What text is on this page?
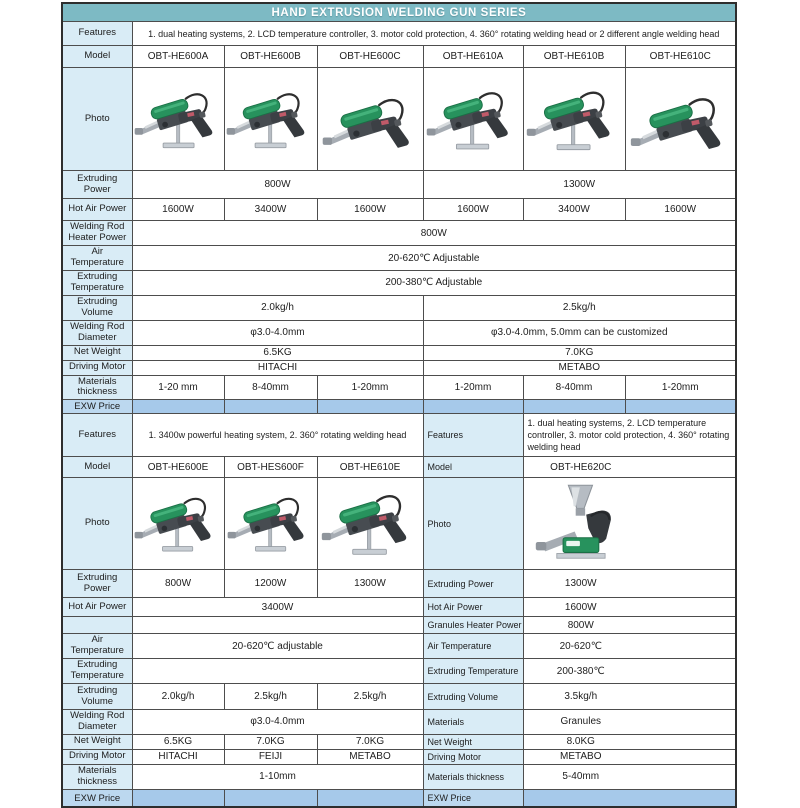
HAND EXTRUSION WELDING GUN SERIES						
Features	1. dual heating systems, 2. LCD temperature controller, 3. motor cold protection, 4. 360° rotating welding head or 2 different angle welding head					
Model	OBT-HE600A	OBT-HE600B	OBT-HE600C	OBT-HE610A	OBT-HE610B	OBT-HE610C
Photo						
Extruding Power	800W			1300W		
Hot Air Power	1600W	3400W	1600W	1600W	3400W	1600W
Welding Rod Heater Power	800W					
Air Temperature	20-620℃ Adjustable					
Extruding Temperature	200-380℃ Adjustable					
Extruding Volume	2.0kg/h			2.5kg/h		
Welding Rod Diameter	φ3.0-4.0mm			φ3.0-4.0mm, 5.0mm can be customized		
Net Weight	6.5KG			7.0KG		
Driving Motor	HITACHI			METABO		
Materials thickness	1-20 mm	8-40mm	1-20mm	1-20mm	8-40mm	1-20mm
EXW Price						
Features	1. 3400w powerful heating system, 2. 360° rotating welding head			Features	1. dual heating systems, 2. LCD temperature controller, 3. motor cold protection, 4. 360° rotating welding head	
Model	OBT-HE600E	OBT-HES600F	OBT-HE610E	Model	OBT-HE620C	
Photo				Photo	
Extruding Power	800W	1200W	1300W	Extruding Power	1300W	
Hot Air Power	3400W			Hot Air Power	1600W	
				Granules Heater Power	800W	
Air Temperature	20-620℃ adjustable			Air Temperature	20-620℃	
Extruding Temperature				Extruding Temperature	200-380℃	
Extruding Volume	2.0kg/h	2.5kg/h	2.5kg/h	Extruding Volume	3.5kg/h	
Welding Rod Diameter	φ3.0-4.0mm			Materials	Granules	
Net Weight	6.5KG	7.0KG	7.0KG	Net Weight	8.0KG	
Driving Motor	HITACHI	FEIJI	METABO	Driving Motor	METABO	
Materials thickness	1-10mm			Materials thickness	5-40mm	
EXW Price				EXW Price		
